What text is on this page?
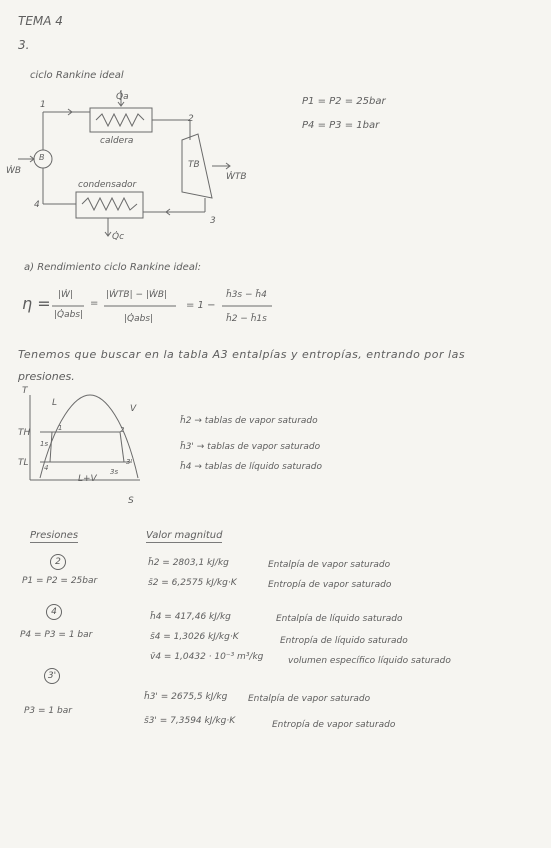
TEMA 4
3.
ciclo Rankine ideal
Q̇a
caldera
TB
ẆTB
condensador
Q̇c
B
ẆB
1
2
3
4
P1 = P2 = 25bar
P4 = P3 = 1bar
a) Rendimiento ciclo Rankine ideal:
η = |Ẇ|
|Q̇abs|
=
|ẆTB| − |ẆB|
|Q̇abs|
= 1 −
h̄3s − h̄4
h̄2 − h̄1s
Tenemos que buscar en la tabla A3 entalpías y entropías, entrando por las
presiones.
T
S
L
V
L+V
TH
TL
1s
1	2
4	3s
3'
h̄2 → tablas de vapor saturado
h̄3' → tablas de vapor saturado
h̄4 → tablas de líquido saturado
Presiones	Valor magnitud
2
P1 = P2 = 25bar
h̄2 = 2803,1 kJ/kg	Entalpía de vapor saturado
s̄2 = 6,2575 kJ/kg·K	Entropía de vapor saturado
4
P4 = P3 = 1 bar
h̄4 = 417,46 kJ/kg	Entalpía de líquido saturado
s̄4 = 1,3026 kJ/kg·K	Entropía de líquido saturado
v̄4 = 1,0432 · 10⁻³ m³/kg	volumen específico líquido saturado
3'
P3 = 1 bar
h̄3' = 2675,5 kJ/kg Entalpía de vapor saturado
s̄3' = 7,3594 kJ/kg·K	Entropía de vapor saturado
